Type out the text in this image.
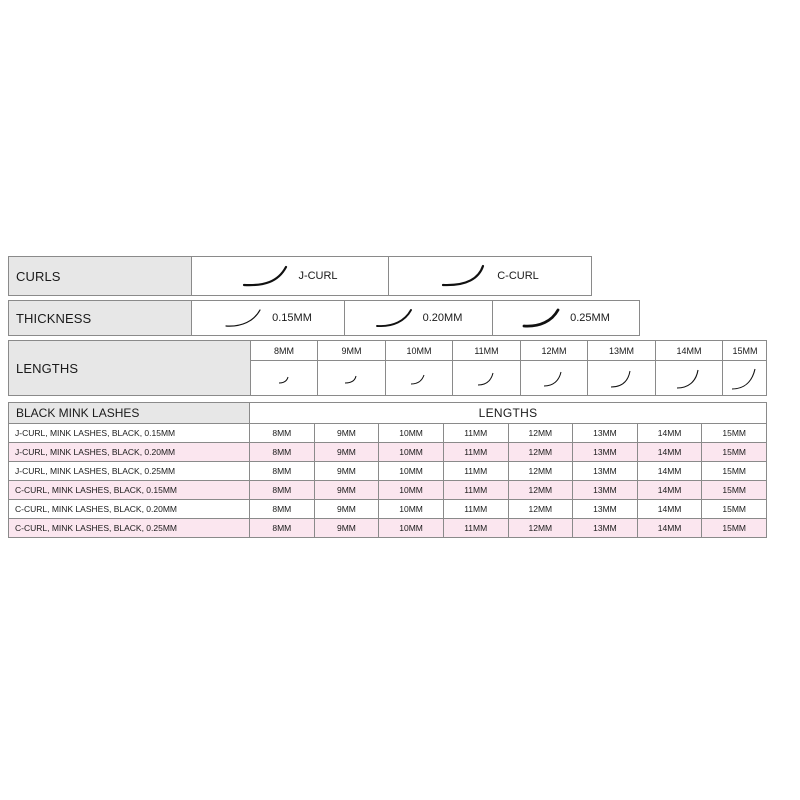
CURLS	J-CURL	C-CURL
THICKNESS	0.15MM	0.20MM	0.25MM
LENGTHS
8MM	9MM	10MM	11MM	12MM	13MM	14MM	15MM
BLACK MINK LASHES	LENGTHS
J-CURL, MINK LASHES, BLACK, 0.15MM	8MM	9MM	10MM	11MM	12MM	13MM	14MM	15MM
J-CURL, MINK LASHES, BLACK, 0.20MM	8MM	9MM	10MM	11MM	12MM	13MM	14MM	15MM
J-CURL, MINK LASHES, BLACK, 0.25MM	8MM	9MM	10MM	11MM	12MM	13MM	14MM	15MM
C-CURL, MINK LASHES, BLACK, 0.15MM	8MM	9MM	10MM	11MM	12MM	13MM	14MM	15MM
C-CURL, MINK LASHES, BLACK, 0.20MM	8MM	9MM	10MM	11MM	12MM	13MM	14MM	15MM
C-CURL, MINK LASHES, BLACK, 0.25MM	8MM	9MM	10MM	11MM	12MM	13MM	14MM	15MM
